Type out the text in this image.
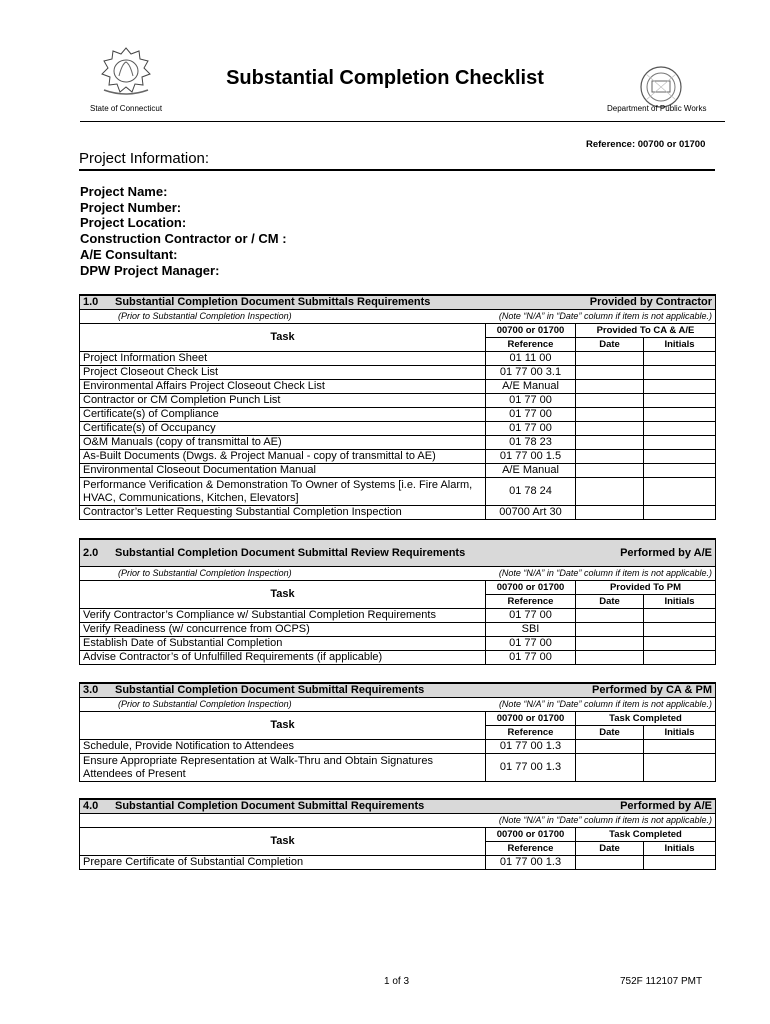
State of Connecticut
Substantial Completion Checklist
Department of Public Works
Reference: 00700 or 01700
Project Information:
Project Name:
Project Number:
Project Location:
Construction Contractor or / CM :
A/E Consultant:
DPW Project Manager:
1.0 Substantial Completion Document Submittals Requirements		Provided by Contractor	
(Prior to Substantial Completion Inspection)	(Note “N/A” in “Date” column if item is not applicable.)		
Task	00700 or 01700	Provided To CA & A/E	
	Reference	Date	Initials
Project Information Sheet	01 11 00		
Project Closeout Check List	01 77 00 3.1		
Environmental Affairs Project Closeout Check List	A/E Manual		
Contractor or CM Completion Punch List	01 77 00		
Certificate(s) of Compliance	01 77 00		
Certificate(s) of Occupancy	01 77 00		
O&M Manuals (copy of transmittal to AE)	01 78 23		
As-Built Documents (Dwgs. & Project Manual - copy of transmittal to AE)	01 77 00 1.5		
Environmental Closeout Documentation Manual	A/E Manual		
Performance Verification & Demonstration To Owner of Systems [i.e. Fire Alarm, HVAC, Communications, Kitchen, Elevators]	01 78 24		
Contractor’s Letter Requesting Substantial Completion Inspection	00700 Art 30		
2.0 Substantial Completion Document Submittal Review Requirements		Performed by A/E	
(Prior to Substantial Completion Inspection)	(Note “N/A” in “Date” column if item is not applicable.)		
Task	00700 or 01700	Provided To PM	
	Reference	Date	Initials
Verify Contractor’s Compliance w/ Substantial Completion Requirements	01 77 00		
Verify Readiness (w/ concurrence from OCPS)	SBI		
Establish Date of Substantial Completion	01 77 00		
Advise Contractor’s of Unfulfilled Requirements (if applicable)	01 77 00		
3.0 Substantial Completion Document Submittal Requirements		Performed by CA & PM	
(Prior to Substantial Completion Inspection)	(Note “N/A” in “Date” column if item is not applicable.)		
Task	00700 or 01700	Task Completed	
	Reference	Date	Initials
Schedule, Provide Notification to Attendees	01 77 00 1.3		
Ensure Appropriate Representation at Walk-Thru and Obtain Signatures Attendees of Present	01 77 00 1.3		
4.0 Substantial Completion Document Submittal Requirements		Performed by A/E	
	(Note “N/A” in “Date” column if item is not applicable.)		
Task	00700 or 01700	Task Completed	
	Reference	Date	Initials
Prepare Certificate of Substantial Completion	01 77 00 1.3		
1 of 3	752F 112107 PMT
